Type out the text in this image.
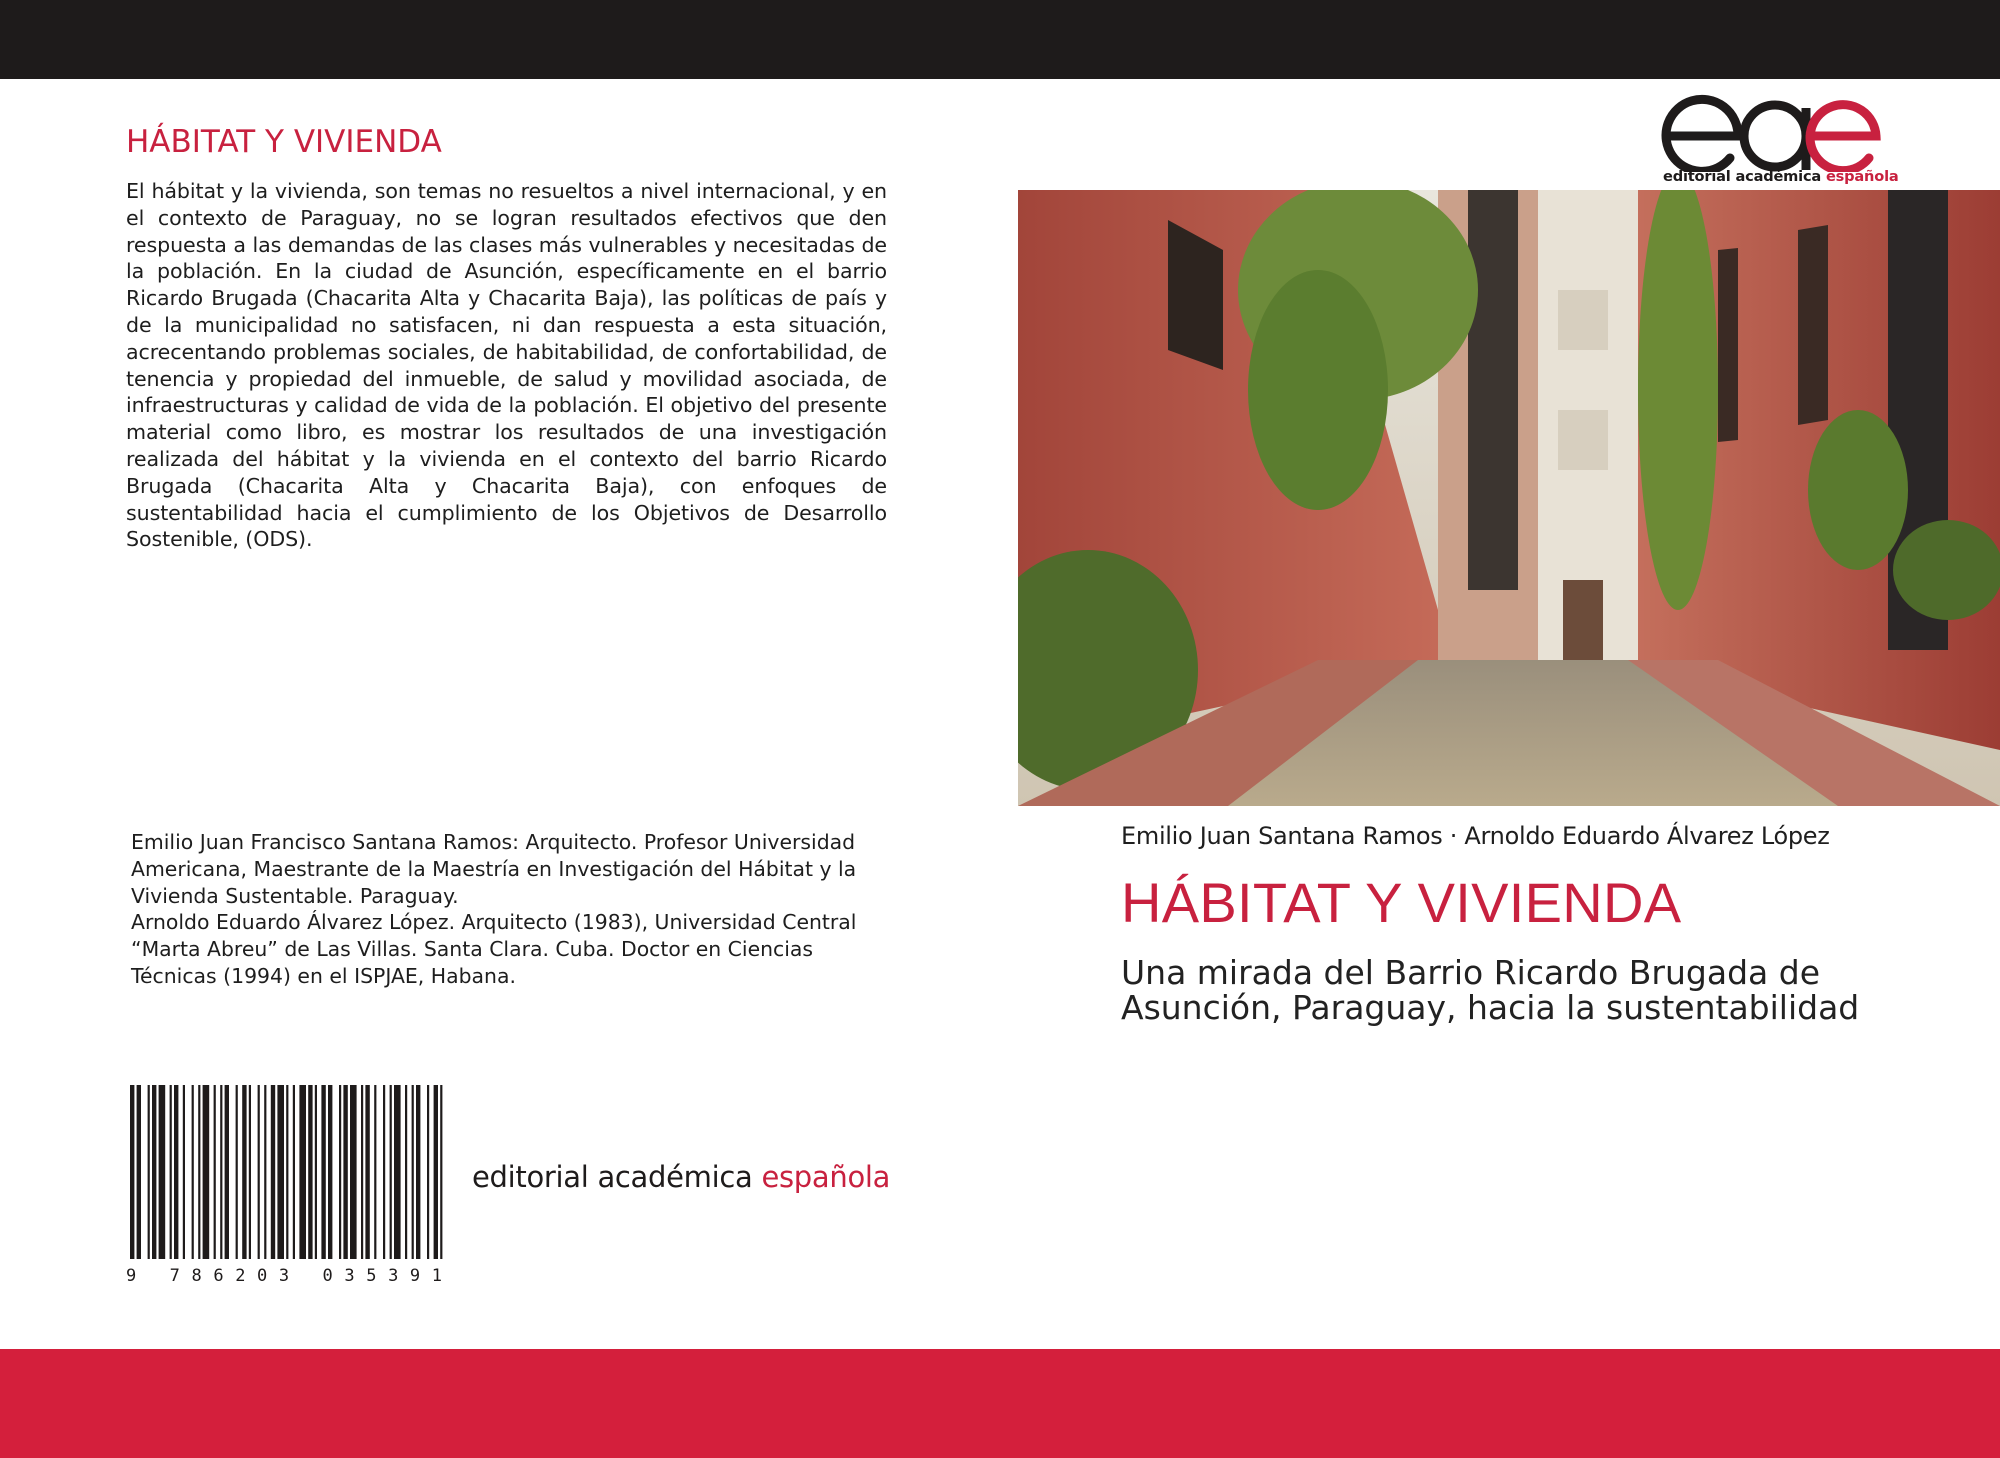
HÁBITAT Y VIVIENDA
El hábitat y la vivienda, son temas no resueltos a nivel internacional, y en el contexto de Paraguay, no se logran resultados efectivos que den respuesta a las demandas de las clases más vulnerables y necesitadas de la población. En la ciudad de Asunción, específicamente en el barrio Ricardo Brugada (Chacarita Alta y Chacarita Baja), las políticas de país y de la municipalidad no satisfacen, ni dan respuesta a esta situación, acrecentando problemas sociales, de habitabilidad, de confortabilidad, de tenencia y propiedad del inmueble, de salud y movilidad asociada, de infraestructuras y calidad de vida de la población. El objetivo del presente material como libro, es mostrar los resultados de una investigación realizada del hábitat y la vivienda en el contexto del barrio Ricardo Brugada (Chacarita Alta y Chacarita Baja), con enfoques de sustentabilidad hacia el cumplimiento de los Objetivos de Desarrollo Sostenible, (ODS).

Emilio Juan Francisco Santana Ramos: Arquitecto. Profesor Universidad Americana, Maestrante de la Maestría en Investigación del Hábitat y la Vivienda Sustentable. Paraguay.

Arnoldo Eduardo Álvarez López. Arquitecto (1983), Universidad Central “Marta Abreu” de Las Villas. Santa Clara. Cuba. Doctor en Ciencias Técnicas (1994) en el ISPJAE, Habana.

9 786203 035391
editorial académica española
editorial académica española
Emilio Juan Santana Ramos · Arnoldo Eduardo Álvarez López
HÁBITAT Y VIVIENDA
Una mirada del Barrio Ricardo Brugada de Asunción, Paraguay, hacia la sustentabilidad
